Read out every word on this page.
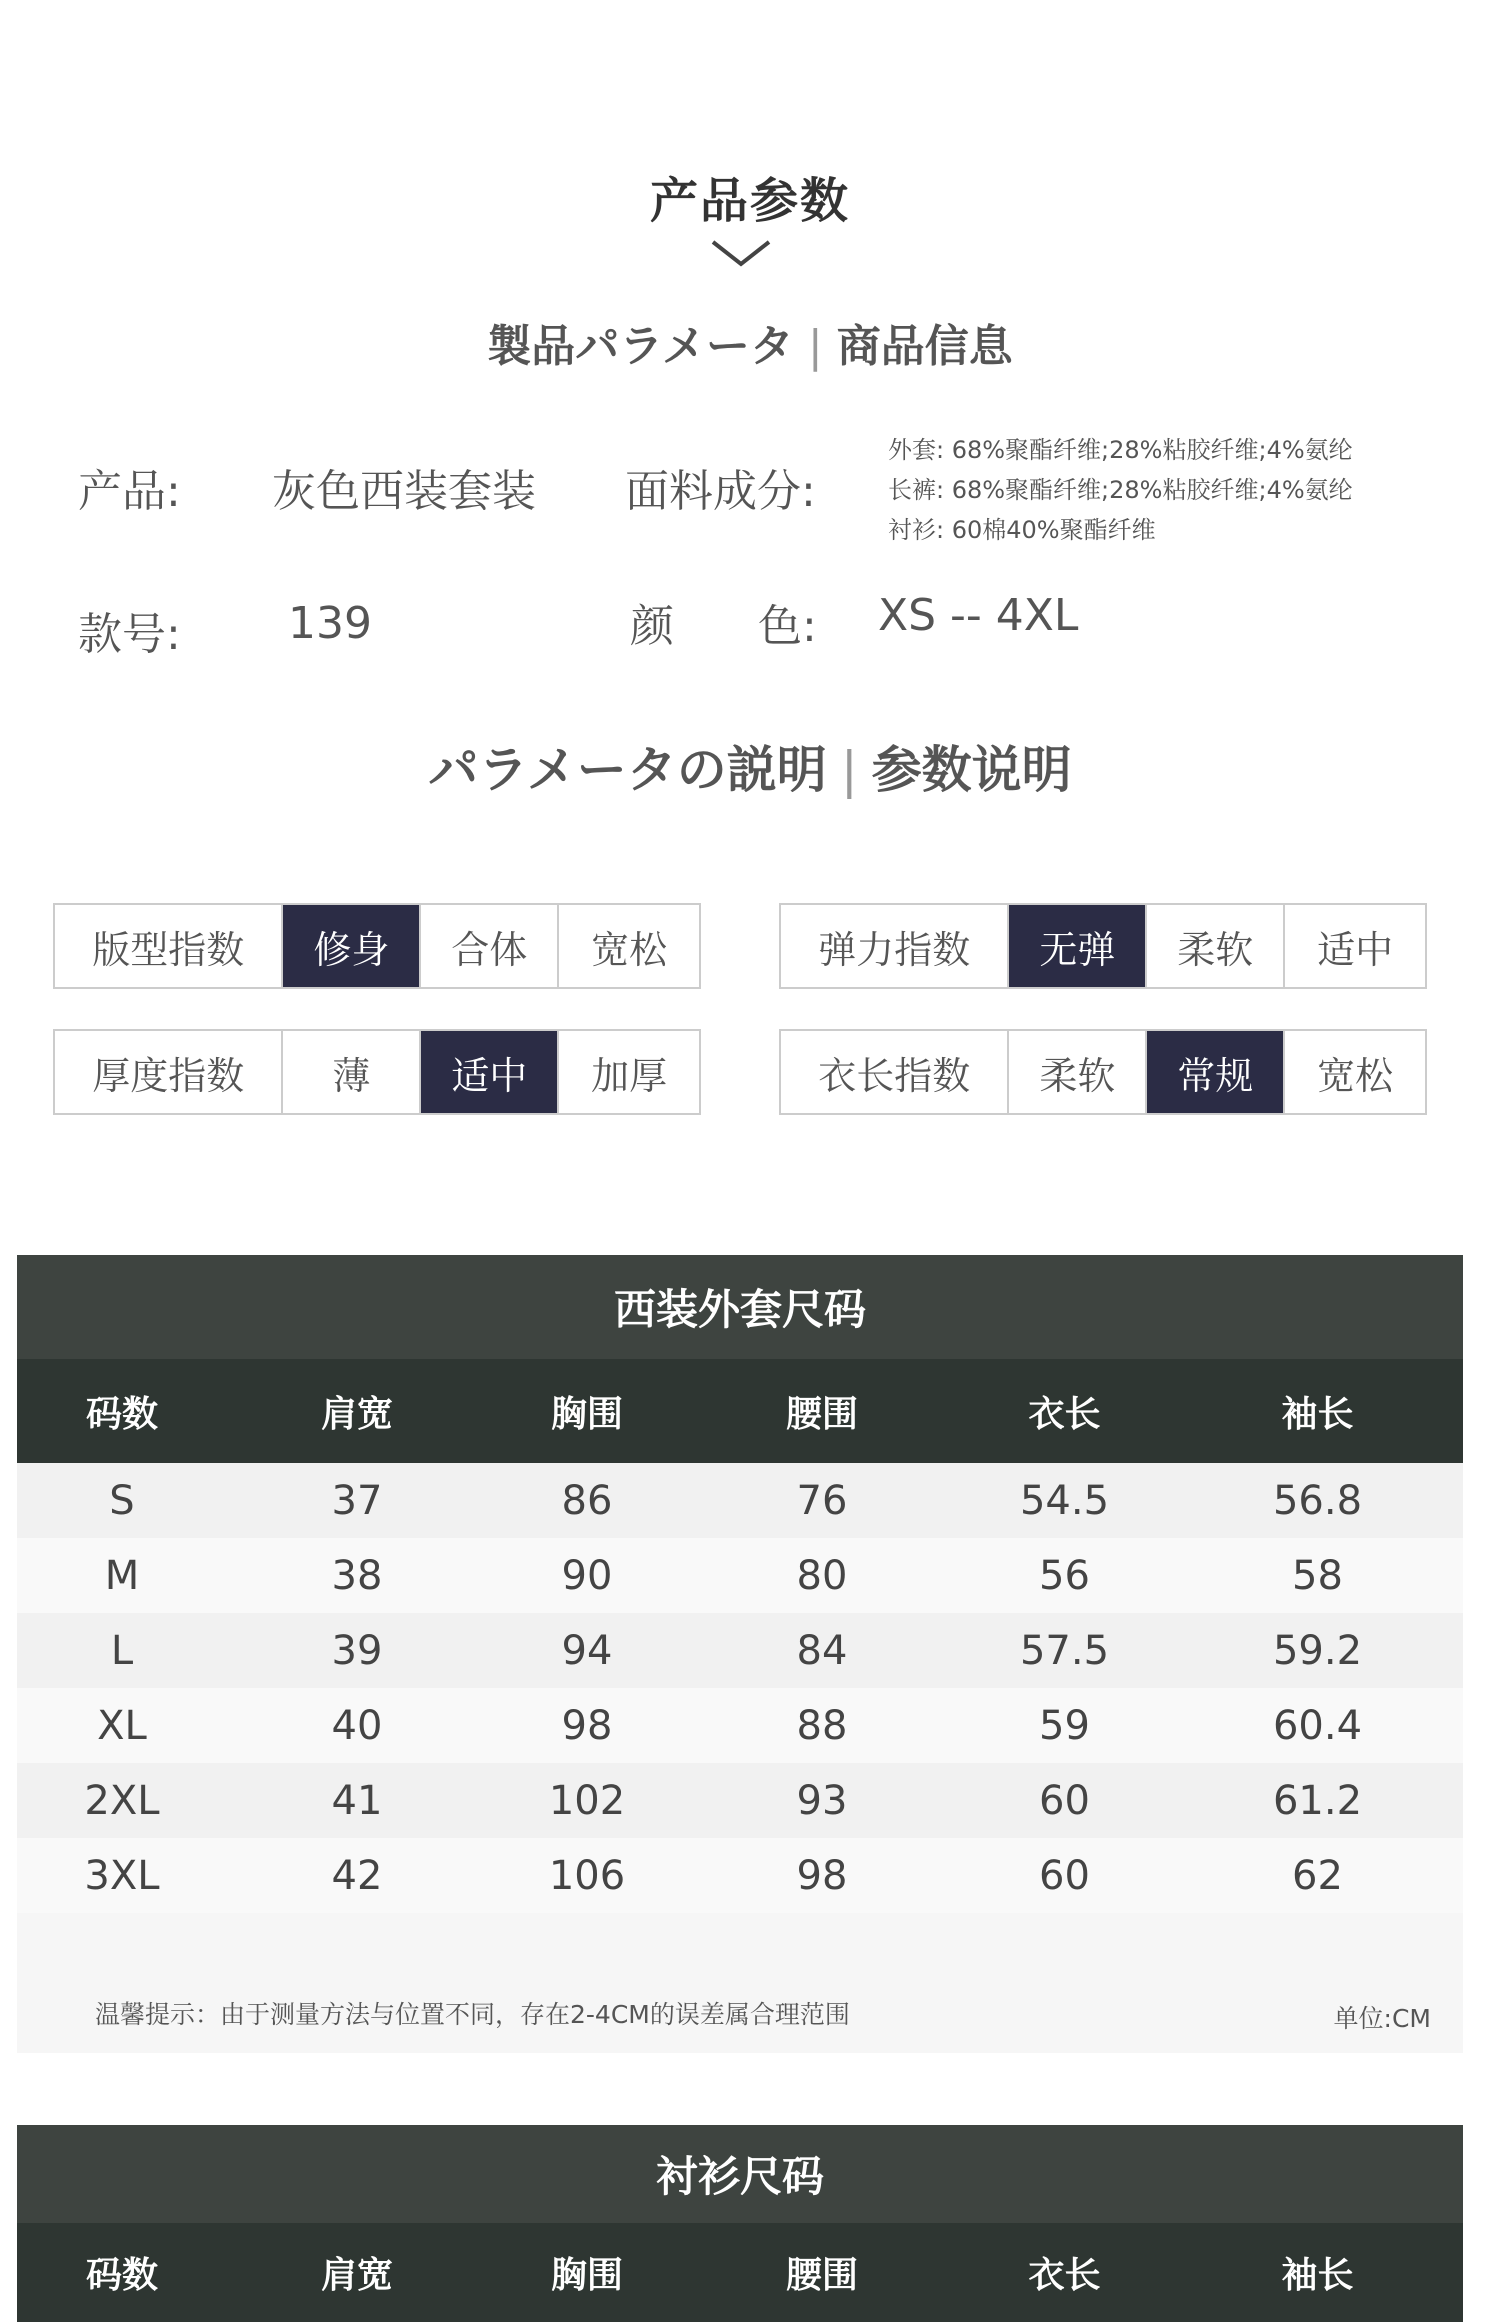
产品参数
製品パラメータ | 商品信息
产品: 灰色西装套装 面料成分:
外套: 68%聚酯纤维;28%粘胶纤维;4%氨纶
长裤: 68%聚酯纤维;28%粘胶纤维;4%氨纶
衬衫: 60棉40%聚酯纤维
款号: 139	颜 色: XS -- 4XL
パラメータの説明 | 参数说明
版型指数	修身	合体	宽松	弹力指数	无弹	柔软	适中
厚度指数	薄	适中	加厚	衣长指数	柔软	常规	宽松
西装外套尺码
码数	肩宽	胸围	腰围	衣长	袖长
S	37	86	76	54.5	56.8
M	38	90	80	56	58
L	39	94	84	57.5	59.2
XL	40	98	88	59	60.4
2XL	41	102	93	60	61.2
3XL	42	106	98	60	62
温馨提示：由于测量方法与位置不同，存在2-4CM的误差属合理范围	单位:CM
衬衫尺码
码数	肩宽	胸围	腰围	衣长	袖长
